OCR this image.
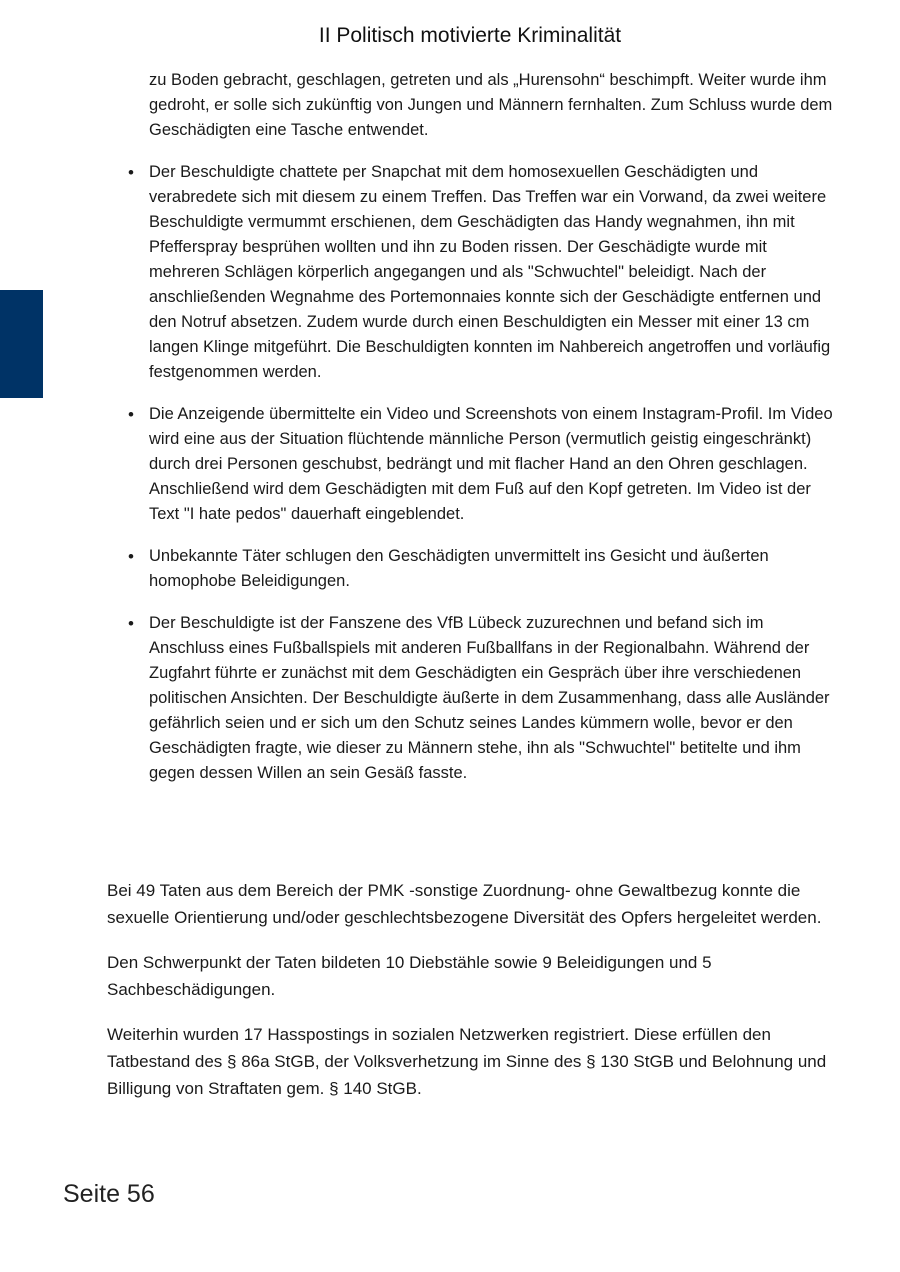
II Politisch motivierte Kriminalität

zu Boden gebracht, geschlagen, getreten und als „Hurensohn“ beschimpft. Weiter wurde ihm gedroht, er solle sich zukünftig von Jungen und Männern fernhalten. Zum Schluss wurde dem Geschädigten eine Tasche entwendet.

• Der Beschuldigte chattete per Snapchat mit dem homosexuellen Geschädigten und verabredete sich mit diesem zu einem Treffen. Das Treffen war ein Vorwand, da zwei weitere Beschuldigte vermummt erschienen, dem Geschädigten das Handy wegnahmen, ihn mit Pfefferspray besprühen wollten und ihn zu Boden rissen. Der Geschädigte wurde mit mehreren Schlägen körperlich angegangen und als "Schwuchtel" beleidigt. Nach der anschließenden Wegnahme des Portemonnaies konnte sich der Geschädigte entfernen und den Notruf absetzen. Zudem wurde durch einen Beschuldigten ein Messer mit einer 13 cm langen Klinge mitgeführt. Die Beschuldigten konnten im Nahbereich angetroffen und vorläufig festgenommen werden.
• Die Anzeigende übermittelte ein Video und Screenshots von einem Instagram-Profil. Im Video wird eine aus der Situation flüchtende männliche Person (vermutlich geistig eingeschränkt) durch drei Personen geschubst, bedrängt und mit flacher Hand an den Ohren geschlagen. Anschließend wird dem Geschädigten mit dem Fuß auf den Kopf getreten. Im Video ist der Text "I hate pedos" dauerhaft eingeblendet.
• Unbekannte Täter schlugen den Geschädigten unvermittelt ins Gesicht und äußerten homophobe Beleidigungen.
• Der Beschuldigte ist der Fanszene des VfB Lübeck zuzurechnen und befand sich im Anschluss eines Fußballspiels mit anderen Fußballfans in der Regionalbahn. Während der Zugfahrt führte er zunächst mit dem Geschädigten ein Gespräch über ihre verschiedenen politischen Ansichten. Der Beschuldigte äußerte in dem Zusammenhang, dass alle Ausländer gefährlich seien und er sich um den Schutz seines Landes kümmern wolle, bevor er den Geschädigten fragte, wie dieser zu Männern stehe, ihn als "Schwuchtel" betitelte und ihm gegen dessen Willen an sein Gesäß fasste.

Bei 49 Taten aus dem Bereich der PMK -sonstige Zuordnung- ohne Gewaltbezug konnte die sexuelle Orientierung und/oder geschlechtsbezogene Diversität des Opfers hergeleitet werden.

Den Schwerpunkt der Taten bildeten 10 Diebstähle sowie 9 Beleidigungen und 5 Sachbeschädigungen.

Weiterhin wurden 17 Hasspostings in sozialen Netzwerken registriert. Diese erfüllen den Tatbestand des § 86a StGB, der Volksverhetzung im Sinne des § 130 StGB und Belohnung und Billigung von Straftaten gem. § 140 StGB.

Seite 56
